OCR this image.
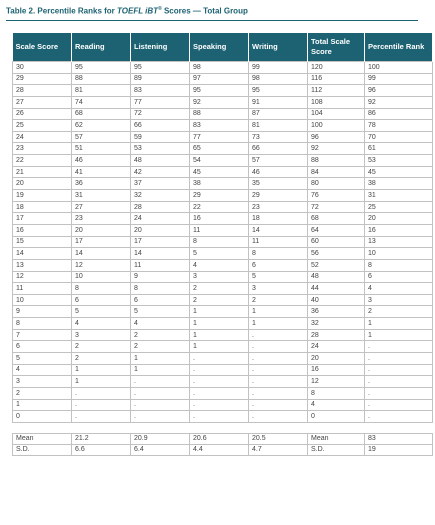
Table 2. Percentile Ranks for TOEFL iBT® Scores — Total Group
Scale Score	Reading	Listening	Speaking	Writing	Total Scale Score	Percentile Rank
30	95	95	98	99	120	100
29	88	89	97	98	116	99
28	81	83	95	95	112	96
27	74	77	92	91	108	92
26	68	72	88	87	104	86
25	62	66	83	81	100	78
24	57	59	77	73	96	70
23	51	53	65	66	92	61
22	46	48	54	57	88	53
21	41	42	45	46	84	45
20	36	37	38	35	80	38
19	31	32	29	29	76	31
18	27	28	22	23	72	25
17	23	24	16	18	68	20
16	20	20	11	14	64	16
15	17	17	8	11	60	13
14	14	14	5	8	56	10
13	12	11	4	6	52	8
12	10	9	3	5	48	6
11	8	8	2	3	44	4
10	6	6	2	2	40	3
9	5	5	1	1	36	2
8	4	4	1	1	32	1
7	3	2	1	.	28	1
6	2	2	1	.	24	.
5	2	1	.	.	20	.
4	1	1	.	.	16	.
3	1	.	.	.	12	.
2	.	.	.	.	8	.
1	.	.	.	.	4	.
0	.	.	.	.	0	.

Mean	21.2	20.9	20.6	20.5	Mean	83
S.D.	6.6	6.4	4.4	4.7	S.D.	19
